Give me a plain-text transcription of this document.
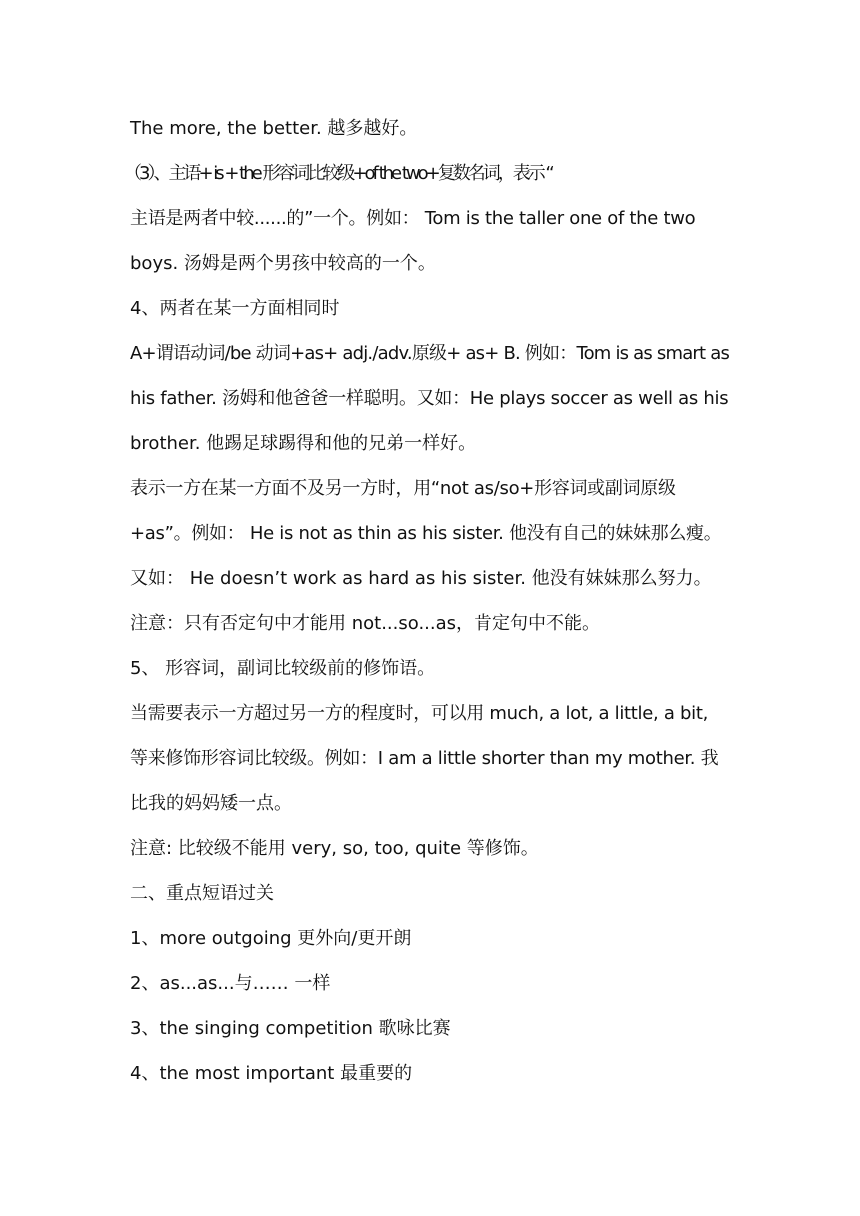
The more, the better. 越多越好。
（3）、主语+ is + the 形容词比较级+of the two+复数名词，表示 “
主语是两者中较......的”一个。例如： Tom is the taller one of the two
boys. 汤姆是两个男孩中较高的一个。
4、两者在某一方面相同时
A+谓语动词/be 动词+as+ adj./adv.原级+ as+ B. 例如：Tom is as smart as
his father. 汤姆和他爸爸一样聪明。又如：He plays soccer as well as his
brother. 他踢足球踢得和他的兄弟一样好。
表示一方在某一方面不及另一方时，用“not as/so+形容词或副词原级
+as”。例如： He is not as thin as his sister. 他没有自己的妹妹那么瘦。
又如： He doesn’t work as hard as his sister. 他没有妹妹那么努力。
注意：只有否定句中才能用 not...so...as，肯定句中不能。
5、 形容词，副词比较级前的修饰语。
当需要表示一方超过另一方的程度时，可以用 much, a lot, a little, a bit,
等来修饰形容词比较级。例如：I am a little shorter than my mother. 我
比我的妈妈矮一点。
注意: 比较级不能用 very, so, too, quite 等修饰。
二、重点短语过关
1、more outgoing 更外向/更开朗
2、as...as...与…… 一样
3、the singing competition 歌咏比赛
4、the most important 最重要的
